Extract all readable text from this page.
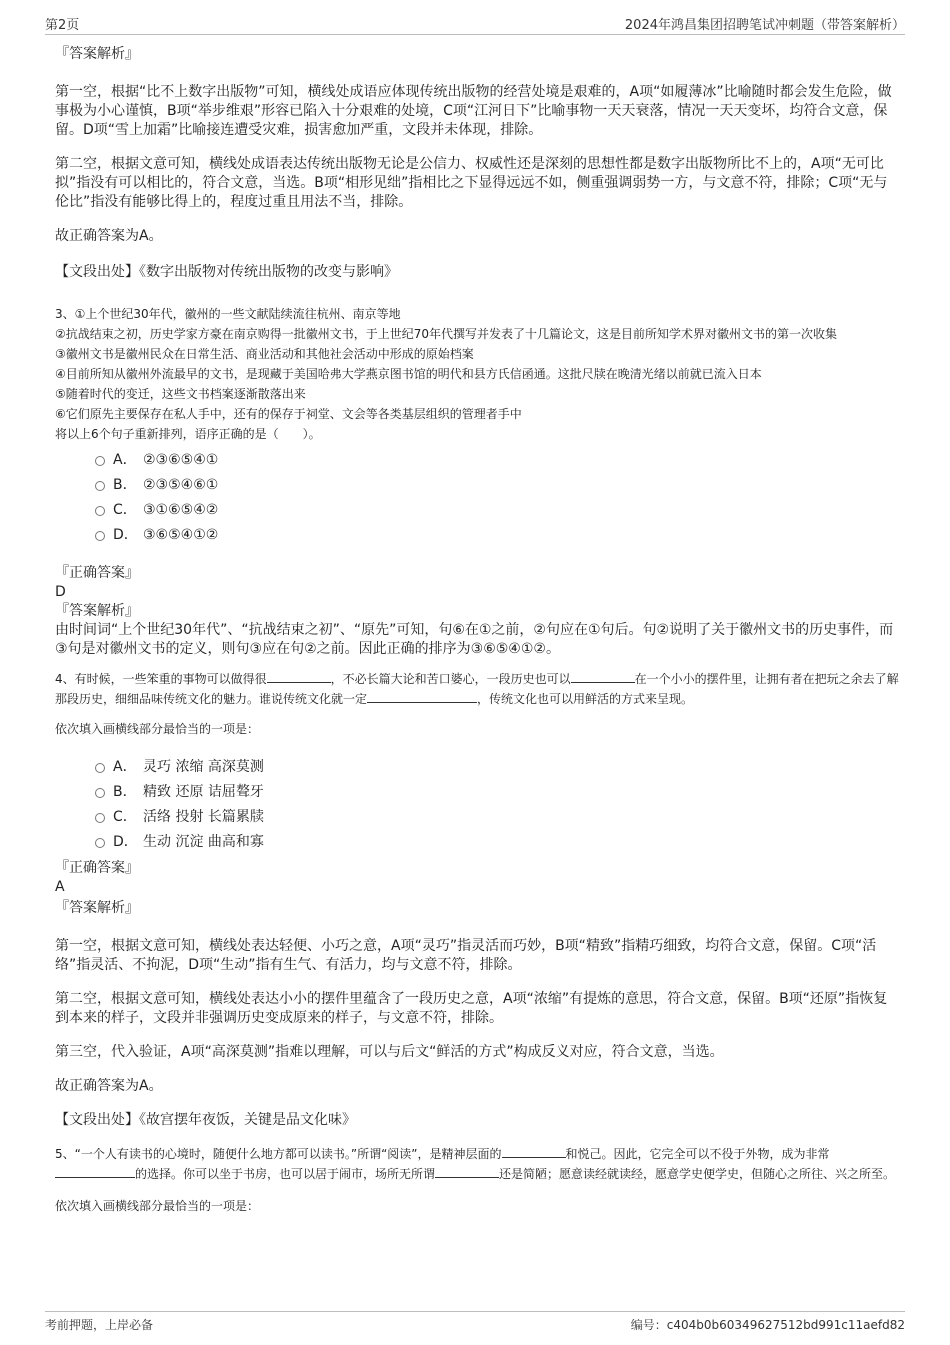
第2页	2024年鸿昌集团招聘笔试冲刺题（带答案解析）

『答案解析』

第一空，根据“比不上数字出版物”可知，横线处成语应体现传统出版物的经营处境是艰难的，A项“如履薄冰”比喻随时都会发生危险，做事极为小心谨慎，B项“举步维艰”形容已陷入十分艰难的处境，C项“江河日下”比喻事物一天天衰落，情况一天天变坏，均符合文意，保留。D项“雪上加霜”比喻接连遭受灾难，损害愈加严重，文段并未体现，排除。

第二空，根据文意可知，横线处成语表达传统出版物无论是公信力、权威性还是深刻的思想性都是数字出版物所比不上的，A项“无可比拟”指没有可以相比的，符合文意，当选。B项“相形见绌”指相比之下显得远远不如，侧重强调弱势一方，与文意不符，排除；C项“无与伦比”指没有能够比得上的，程度过重且用法不当，排除。

故正确答案为A。

【文段出处】《数字出版物对传统出版物的改变与影响》

3、①上个世纪30年代，徽州的一些文献陆续流往杭州、南京等地

②抗战结束之初，历史学家方豪在南京购得一批徽州文书，于上世纪70年代撰写并发表了十几篇论文，这是目前所知学术界对徽州文书的第一次收集

③徽州文书是徽州民众在日常生活、商业活动和其他社会活动中形成的原始档案

④目前所知从徽州外流最早的文书，是现藏于美国哈弗大学燕京图书馆的明代和县方氏信函通。这批尺牍在晚清光绪以前就已流入日本

⑤随着时代的变迁，这些文书档案逐渐散落出来

⑥它们原先主要保存在私人手中，还有的保存于祠堂、文会等各类基层组织的管理者手中

将以上6个句子重新排列，语序正确的是（　　）。

A． ②③⑥⑤④①
B． ②③⑤④⑥①
C． ③①⑥⑤④②
D． ③⑥⑤④①②

『正确答案』

D

『答案解析』

由时间词“上个世纪30年代”、“抗战结束之初”、“原先”可知，句⑥在①之前，②句应在①句后。句②说明了关于徽州文书的历史事件，而③句是对徽州文书的定义，则句③应在句②之前。因此正确的排序为③⑥⑤④①②。

4、有时候，一些笨重的事物可以做得很	，不必长篇大论和苦口婆心，一段历史也可以	在一个小小的摆件里，让拥有者在把玩之余去了解那段历史，细细品味传统文化的魅力。谁说传统文化就一定	，传统文化也可以用鲜活的方式来呈现。

依次填入画横线部分最恰当的一项是：

A． 灵巧 浓缩 高深莫测
B． 精致 还原 诘屈聱牙
C． 活络 投射 长篇累牍
D． 生动 沉淀 曲高和寡

『正确答案』

A

『答案解析』

第一空，根据文意可知，横线处表达轻便、小巧之意，A项“灵巧”指灵活而巧妙，B项“精致”指精巧细致，均符合文意，保留。C项“活络”指灵活、不拘泥，D项“生动”指有生气、有活力，均与文意不符，排除。

第二空，根据文意可知，横线处表达小小的摆件里蕴含了一段历史之意，A项“浓缩”有提炼的意思，符合文意，保留。B项“还原”指恢复到本来的样子，文段并非强调历史变成原来的样子，与文意不符，排除。

第三空，代入验证，A项“高深莫测”指难以理解，可以与后文“鲜活的方式”构成反义对应，符合文意，当选。

故正确答案为A。

【文段出处】《故宫摆年夜饭，关键是品文化味》

5、“一个人有读书的心境时，随便什么地方都可以读书。”所谓“阅读”，是精神层面的	和悦己。因此，它完全可以不役于外物，成为非常的选择。你可以坐于书房，也可以居于闹市，场所无所谓	还是简陋；愿意读经就读经，愿意学史便学史，但随心之所往、兴之所至。

依次填入画横线部分最恰当的一项是：

考前押题，上岸必备	编号：c404b0b60349627512bd991c11aefd82
